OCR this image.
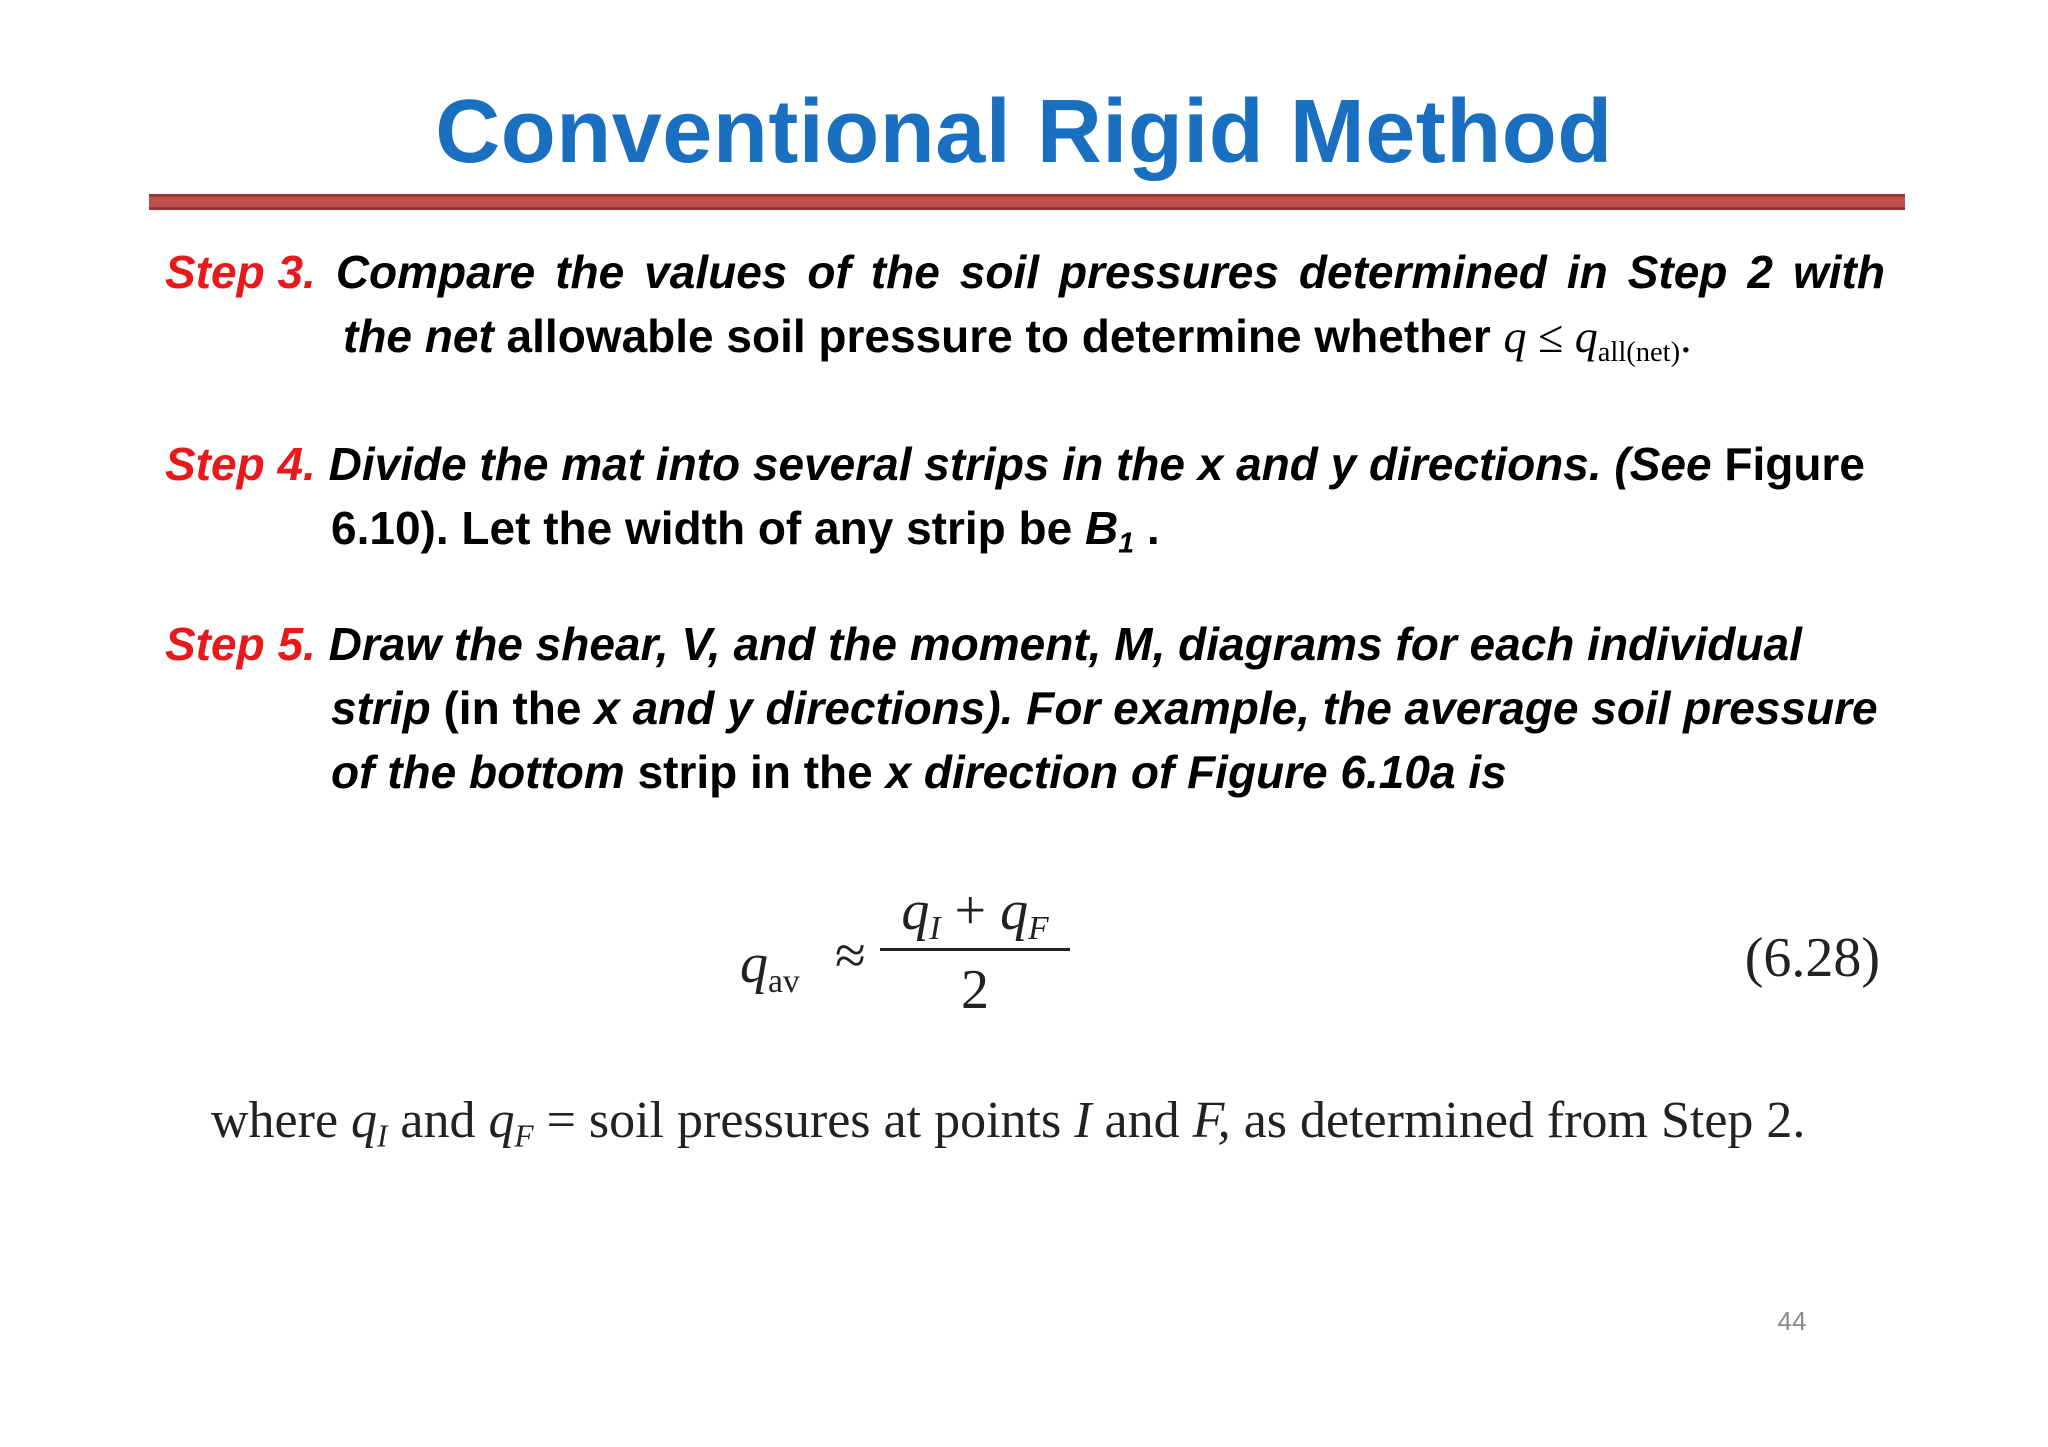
Conventional Rigid Method
Step 3. Compare the values of the soil pressures determined in Step 2 with
the net allowable soil pressure to determine whether $q \le q_{all(net)}$.
Step 4. Divide the mat into several strips in the x and y directions. (See Figure
6.10). Let the width of any strip be $B_1$ .
Step 5. Draw the shear, V, and the moment, M, diagrams for each individual
strip (in the x and y directions). For example, the average soil pressure
of the bottom strip in the x direction of Figure 6.10a is
$q_{av}$ ≈
$q_I + q_F$
2
(6.28)
where $q_I$ and $q_F$ = soil pressures at points I and F, as determined from Step 2.
44
